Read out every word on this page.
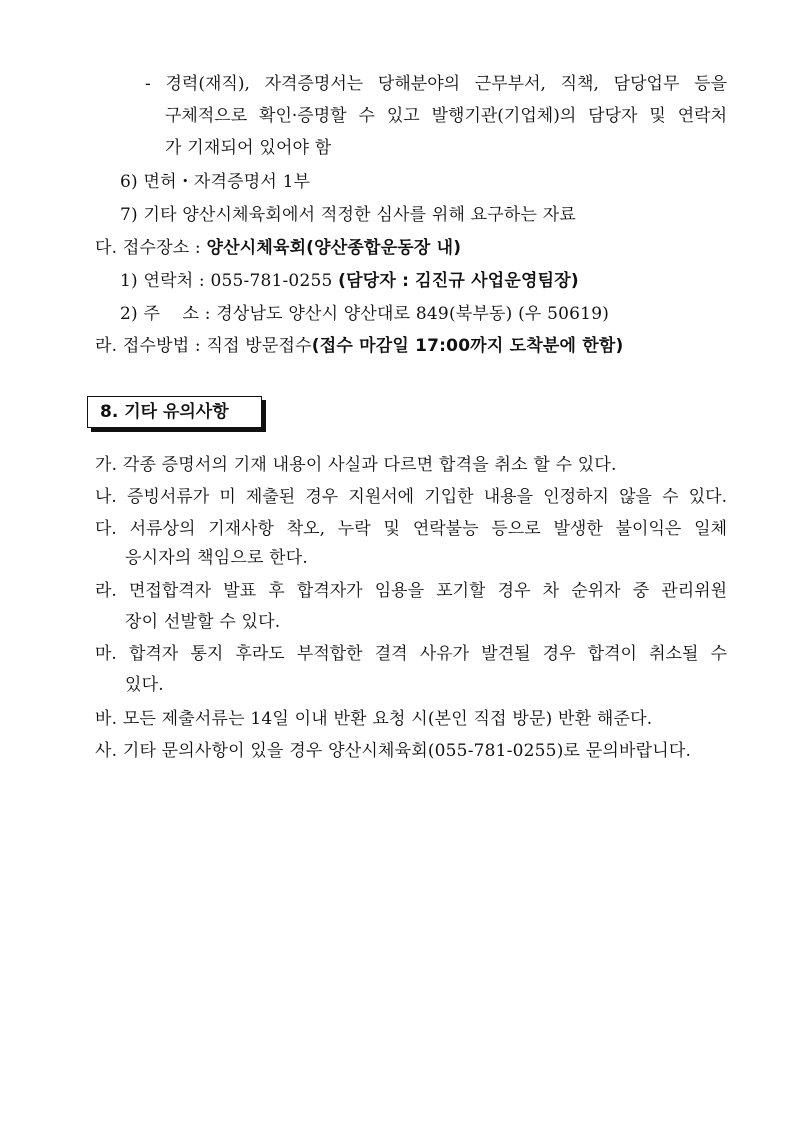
- 경력(재직), 자격증명서는 당해분야의 근무부서, 직책, 담당업무 등을
구체적으로 확인·증명할 수 있고 발행기관(기업체)의 담당자 및 연락처
가 기재되어 있어야 함
6) 면허・자격증명서 1부
7) 기타 양산시체육회에서 적정한 심사를 위해 요구하는 자료
다. 접수장소 : 양산시체육회(양산종합운동장 내)
1) 연락처 : 055-781-0255 (담당자 : 김진규 사업운영팀장)
2) 주    소 : 경상남도 양산시 양산대로 849(북부동) (우 50619)
라. 접수방법 : 직접 방문접수(접수 마감일 17:00까지 도착분에 한함)
8. 기타 유의사항
가. 각종 증명서의 기재 내용이 사실과 다르면 합격을 취소 할 수 있다.
나. 증빙서류가 미 제출된 경우 지원서에 기입한 내용을 인정하지 않을 수 있다.
다. 서류상의 기재사항 착오, 누락 및 연락불능 등으로 발생한 불이익은 일체
응시자의 책임으로 한다.
라. 면접합격자 발표 후 합격자가 임용을 포기할 경우 차 순위자 중 관리위원
장이 선발할 수 있다.
마. 합격자 통지 후라도 부적합한 결격 사유가 발견될 경우 합격이 취소될 수
있다.
바. 모든 제출서류는 14일 이내 반환 요청 시(본인 직접 방문) 반환 해준다.
사. 기타 문의사항이 있을 경우 양산시체육회(055-781-0255)로 문의바랍니다.
